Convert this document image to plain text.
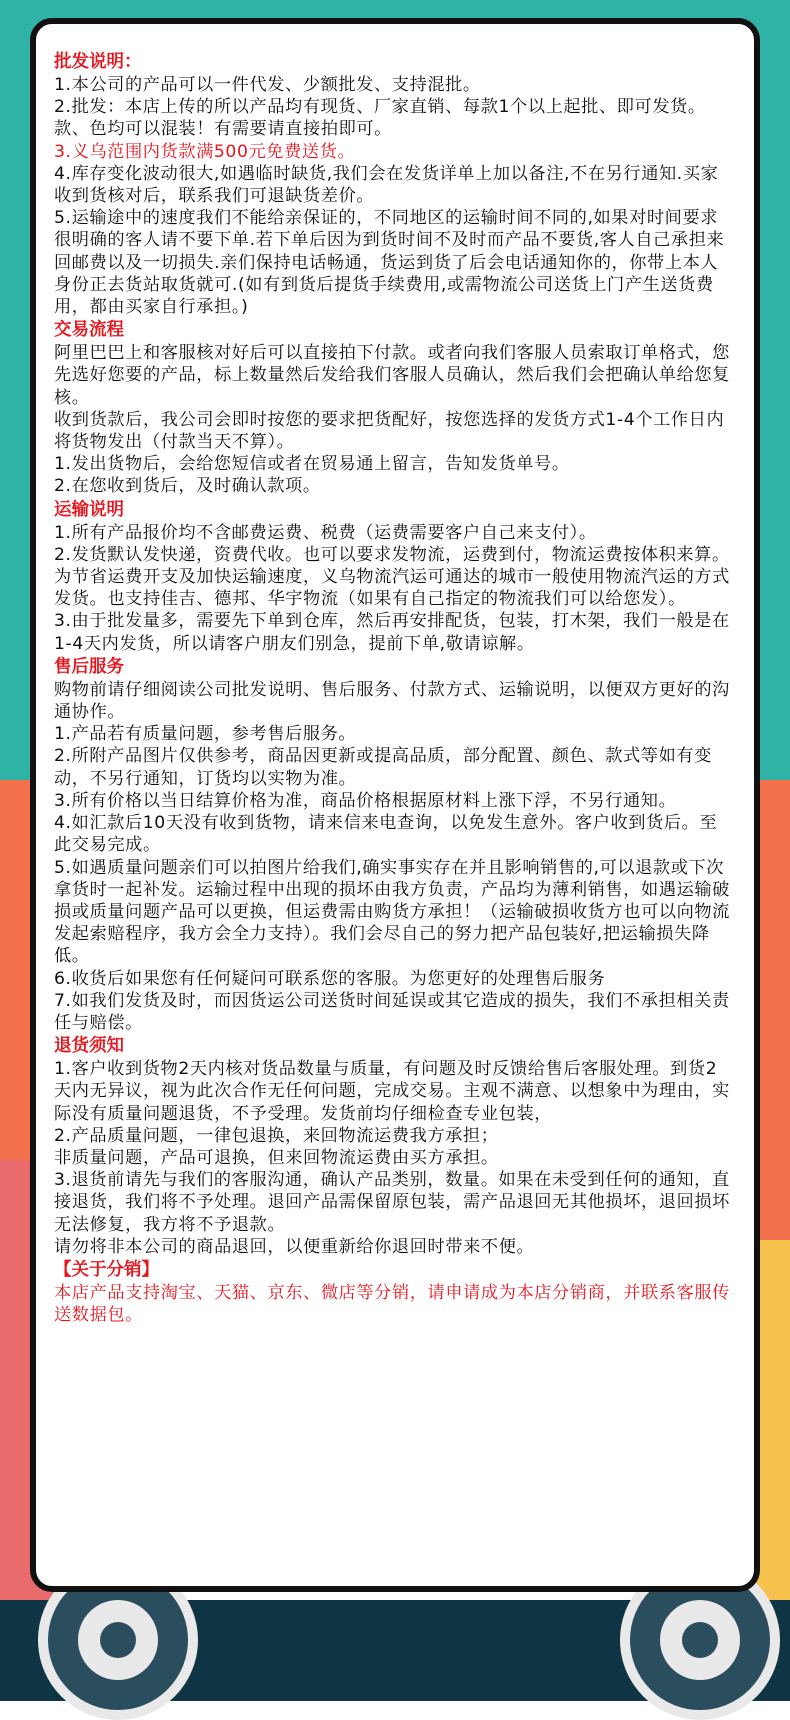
批发说明：
1.本公司的产品可以一件代发、少额批发、支持混批。
2.批发：本店上传的所以产品均有现货、厂家直销、每款1个以上起批、即可发货。款、色均可以混装！有需要请直接拍即可。
3.义乌范围内货款满500元免费送货。
4.库存变化波动很大,如遇临时缺货,我们会在发货详单上加以备注,不在另行通知.买家收到货核对后，联系我们可退缺货差价。
5.运输途中的速度我们不能给亲保证的，不同地区的运输时间不同的,如果对时间要求很明确的客人请不要下单.若下单后因为到货时间不及时而产品不要货,客人自己承担来回邮费以及一切损失.亲们保持电话畅通，货运到货了后会电话通知你的，你带上本人身份正去货站取货就可.(如有到货后提货手续费用,或需物流公司送货上门产生送货费用，都由买家自行承担。)
交易流程
阿里巴巴上和客服核对好后可以直接拍下付款。或者向我们客服人员索取订单格式，您先选好您要的产品，标上数量然后发给我们客服人员确认，然后我们会把确认单给您复核。
收到货款后，我公司会即时按您的要求把货配好，按您选择的发货方式1-4个工作日内将货物发出（付款当天不算）。
1.发出货物后，会给您短信或者在贸易通上留言，告知发货单号。
2.在您收到货后，及时确认款项。
运输说明
1.所有产品报价均不含邮费运费、税费（运费需要客户自己来支付）。
2.发货默认发快递，资费代收。也可以要求发物流，运费到付，物流运费按体积来算。为节省运费开支及加快运输速度，义乌物流汽运可通达的城市一般使用物流汽运的方式发货。也支持佳吉、德邦、华宇物流（如果有自己指定的物流我们可以给您发）。
3.由于批发量多，需要先下单到仓库，然后再安排配货，包装，打木架，我们一般是在1-4天内发货，所以请客户朋友们别急，提前下单,敬请谅解。
售后服务
购物前请仔细阅读公司批发说明、售后服务、付款方式、运输说明，以便双方更好的沟通协作。
1.产品若有质量问题，参考售后服务。
2.所附产品图片仅供参考，商品因更新或提高品质，部分配置、颜色、款式等如有变动，不另行通知，订货均以实物为准。
3.所有价格以当日结算价格为准，商品价格根据原材料上涨下浮，不另行通知。
4.如汇款后10天没有收到货物，请来信来电查询，以免发生意外。客户收到货后。至此交易完成。
5.如遇质量问题亲们可以拍图片给我们,确实事实存在并且影响销售的,可以退款或下次拿货时一起补发。运输过程中出现的损坏由我方负责，产品均为薄利销售，如遇运输破损或质量问题产品可以更换，但运费需由购货方承担！（运输破损收货方也可以向物流发起索赔程序，我方会全力支持）。我们会尽自己的努力把产品包装好,把运输损失降低。
6.收货后如果您有任何疑问可联系您的客服。为您更好的处理售后服务
7.如我们发货及时，而因货运公司送货时间延误或其它造成的损失，我们不承担相关责任与赔偿。
退货须知
1.客户收到货物2天内核对货品数量与质量，有问题及时反馈给售后客服处理。到货2天内无异议，视为此次合作无任何问题，完成交易。主观不满意、以想象中为理由，实际没有质量问题退货，不予受理。发货前均仔细检查专业包装，
2.产品质量问题，一律包退换，来回物流运费我方承担；
非质量问题，产品可退换，但来回物流运费由买方承担。
3.退货前请先与我们的客服沟通，确认产品类别，数量。如果在未受到任何的通知，直接退货，我们将不予处理。退回产品需保留原包装，需产品退回无其他损坏，退回损坏无法修复，我方将不予退款。
请勿将非本公司的商品退回，以便重新给你退回时带来不便。
【关于分销】
本店产品支持淘宝、天猫、京东、微店等分销，请申请成为本店分销商，并联系客服传送数据包。
